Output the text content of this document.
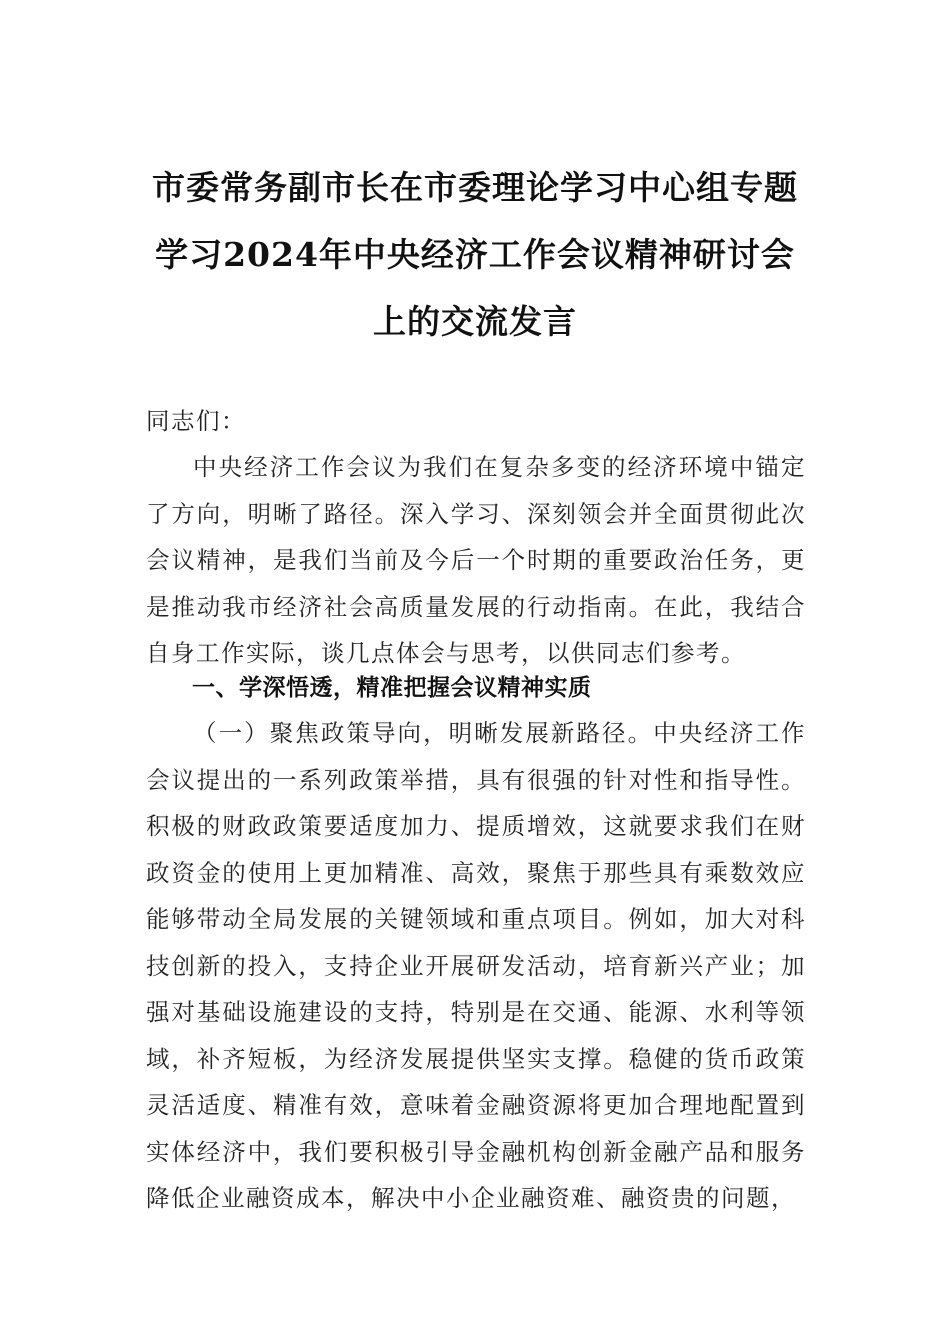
市委常务副市长在市委理论学习中心组专题学习2024年中央经济工作会议精神研讨会上的交流发言
同志们：
中央经济工作会议为我们在复杂多变的经济环境中锚定了方向，明晰了路径。深入学习、深刻领会并全面贯彻此次会议精神，是我们当前及今后一个时期的重要政治任务，更是推动我市经济社会高质量发展的行动指南。在此，我结合自身工作实际，谈几点体会与思考，以供同志们参考。
一、学深悟透，精准把握会议精神实质
（一）聚焦政策导向，明晰发展新路径。中央经济工作会议提出的一系列政策举措，具有很强的针对性和指导性。积极的财政政策要适度加力、提质增效，这就要求我们在财政资金的使用上更加精准、高效，聚焦于那些具有乘数效应能够带动全局发展的关键领域和重点项目。例如，加大对科技创新的投入，支持企业开展研发活动，培育新兴产业；加强对基础设施建设的支持，特别是在交通、能源、水利等领域，补齐短板，为经济发展提供坚实支撑。稳健的货币政策灵活适度、精准有效，意味着金融资源将更加合理地配置到实体经济中，我们要积极引导金融机构创新金融产品和服务降低企业融资成本，解决中小企业融资难、融资贵的问题，
